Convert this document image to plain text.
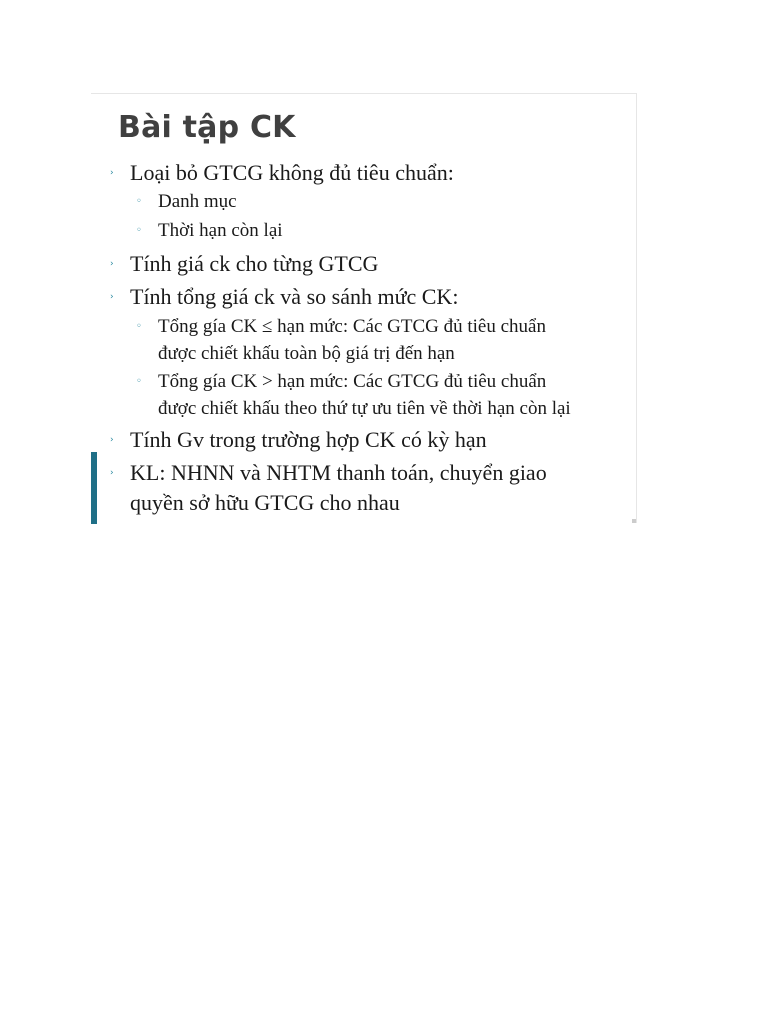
Bài tập CK
› Loại bỏ GTCG không đủ tiêu chuẩn:
◦ Danh mục
◦ Thời hạn còn lại
› Tính giá ck cho từng GTCG
› Tính tổng giá ck và so sánh mức CK:
◦ Tổng gía CK ≤ hạn mức: Các GTCG đủ tiêu chuẩn
được chiết khấu toàn bộ giá trị đến hạn
◦ Tổng gía CK > hạn mức: Các GTCG đủ tiêu chuẩn
được chiết khấu theo thứ tự ưu tiên về thời hạn còn lại
› Tính Gv trong trường hợp CK có kỳ hạn
› KL: NHNN và NHTM thanh toán, chuyển giao
quyền sở hữu GTCG cho nhau
